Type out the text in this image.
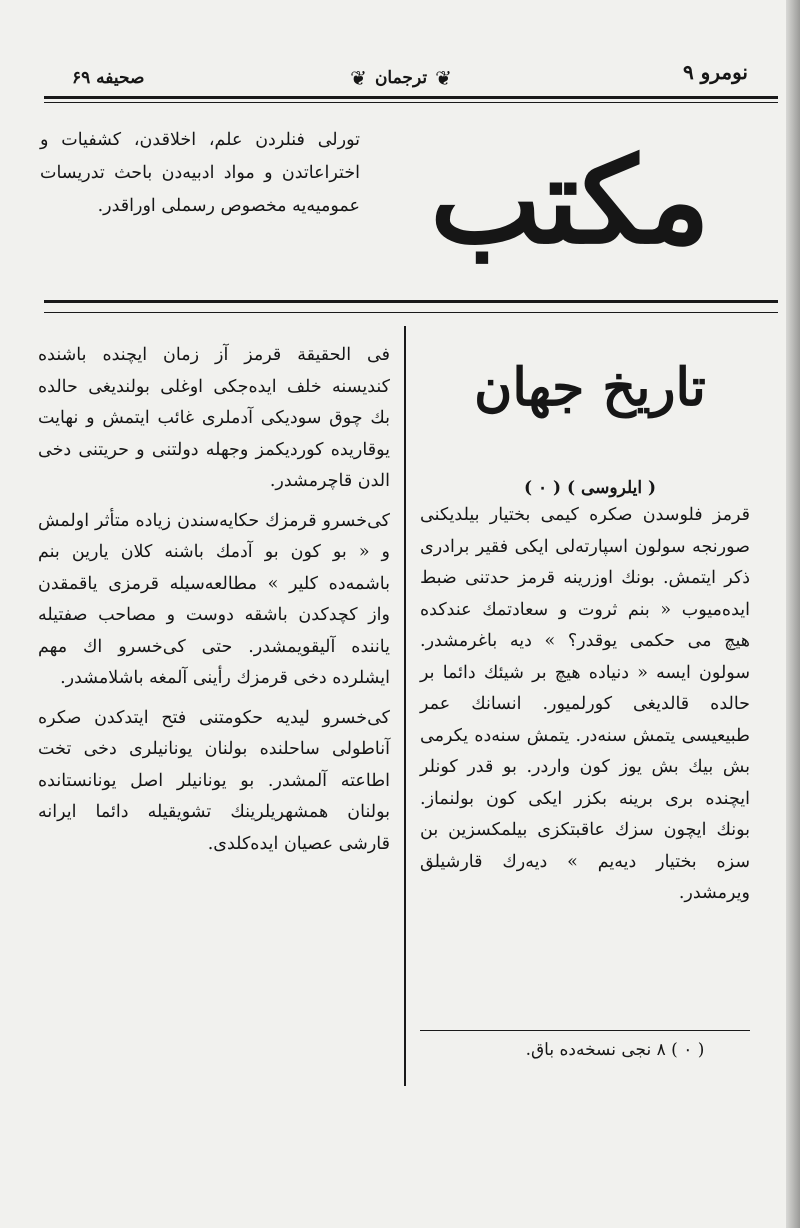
نومرو ۹
❦
ترجمان
❦
صحیفه ۶۹
مکتب
تورلی فنلردن علم، اخلاقدن، کشفیات و اختراعاتدن و مواد ادبیه‌دن باحث تدریسات عمومیه‌یه مخصوص رسملی اوراقدر.
تاریخ جهان
( ایلروسی ) ( ۰ )

قرمز فلوسدن صکره کیمی بختیار بیلدیکنی صورنجه سولون اسپارته‌لی ایکی فقیر برادری ذکر ایتمش. بونك اوزرینه قرمز حدتنی ضبط ایده‌میوب « بنم ثروت و سعادتمك عندکده هیچ می حکمی یوقدر؟ » دیه باغرمشدر. سولون ایسه « دنیاده هیچ بر شیئك دائما بر حالده قالدیغی کورلمیور. انسانك عمر طبیعیسی یتمش سنه‌در. یتمش سنه‌ده یکرمی بش بیك بش یوز کون واردر. بو قدر کونلر ایچنده بری برینه بکزر ایکی کون بولنماز. بونك ایچون سزك عاقبتکزی بیلمکسزین بن سزه بختیار دیه‌یم » دیه‌رك قارشیلق ویرمشدر.

( ۰ ) ۸ نجی نسخه‌ده باق.

فی الحقیقة قرمز آز زمان ایچنده باشنده کندیسنه خلف ایده‌جکی اوغلی بولندیغی حالده بك چوق سودیکی آدملری غائب ایتمش و نهایت یوقاریده کوردیکمز وجهله دولتنی و حریتنی دخی الدن قاچرمشدر.

کی‌خسرو قرمزك حکایه‌سندن زیاده متأثر اولمش و « بو کون بو آدمك باشنه کلان یارین بنم باشمه‌ده کلیر » مطالعه‌سیله قرمزی یاقمقدن واز کچدکدن باشقه دوست و مصاحب صفتیله یاننده آلیقویمشدر. حتی کی‌خسرو اك مهم ایشلرده دخی قرمزك رأینی آلمغه باشلامشدر.

کی‌خسرو لیدیه حکومتنی فتح ایتدکدن صکره آناطولی ساحلنده بولنان یونانیلری دخی تخت اطاعته آلمشدر. بو یونانیلر اصل یونانستانده بولنان همشهریلرینك تشویقیله دائما ایرانه قارشی عصیان ایده‌کلدی.
